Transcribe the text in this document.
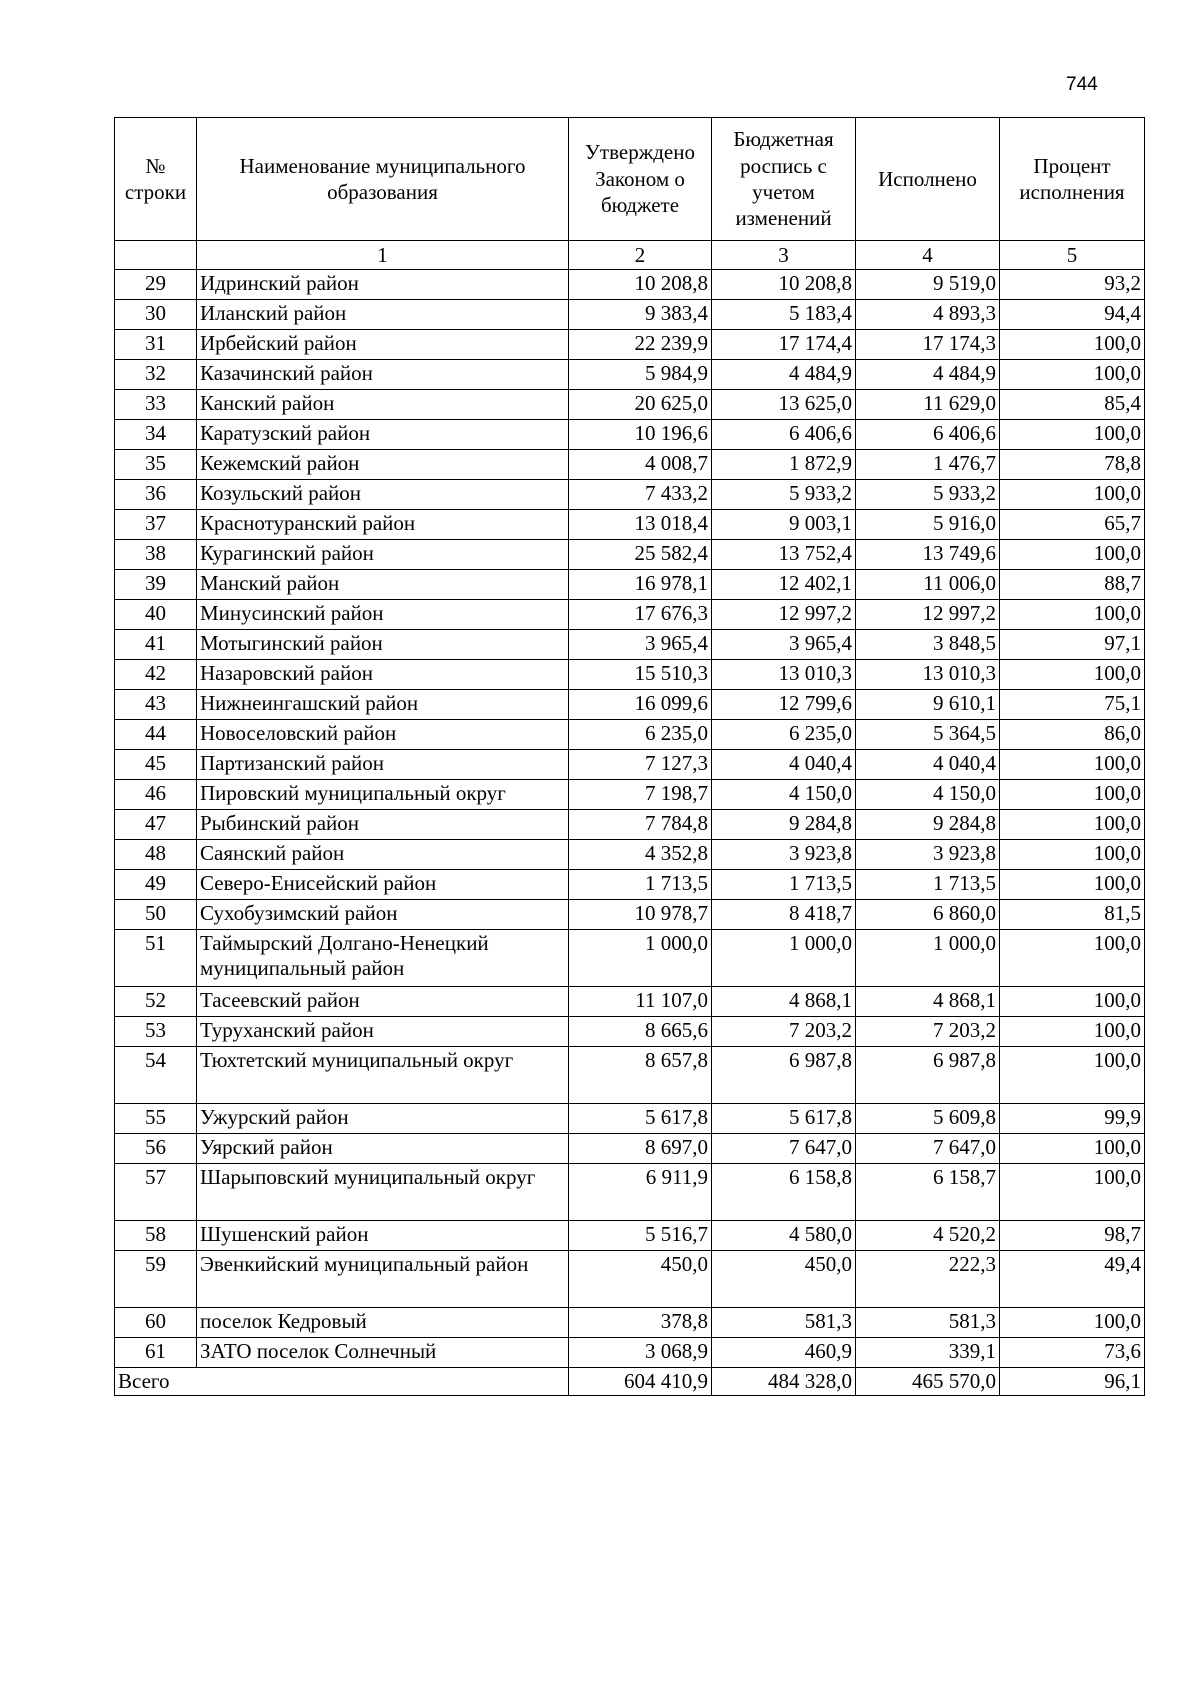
744
№ строки	Наименование муниципального образования	Утверждено Законом о бюджете	Бюджетная роспись с учетом изменений	Исполнено	Процент исполнения
	1	2	3	4	5
29	Идринский район	10 208,8	10 208,8	9 519,0	93,2
30	Иланский район	9 383,4	5 183,4	4 893,3	94,4
31	Ирбейский район	22 239,9	17 174,4	17 174,3	100,0
32	Казачинский район	5 984,9	4 484,9	4 484,9	100,0
33	Канский район	20 625,0	13 625,0	11 629,0	85,4
34	Каратузский район	10 196,6	6 406,6	6 406,6	100,0
35	Кежемский район	4 008,7	1 872,9	1 476,7	78,8
36	Козульский район	7 433,2	5 933,2	5 933,2	100,0
37	Краснотуранский район	13 018,4	9 003,1	5 916,0	65,7
38	Курагинский район	25 582,4	13 752,4	13 749,6	100,0
39	Манский район	16 978,1	12 402,1	11 006,0	88,7
40	Минусинский район	17 676,3	12 997,2	12 997,2	100,0
41	Мотыгинский район	3 965,4	3 965,4	3 848,5	97,1
42	Назаровский район	15 510,3	13 010,3	13 010,3	100,0
43	Нижнеингашский район	16 099,6	12 799,6	9 610,1	75,1
44	Новоселовский район	6 235,0	6 235,0	5 364,5	86,0
45	Партизанский район	7 127,3	4 040,4	4 040,4	100,0
46	Пировский муниципальный округ	7 198,7	4 150,0	4 150,0	100,0
47	Рыбинский район	7 784,8	9 284,8	9 284,8	100,0
48	Саянский район	4 352,8	3 923,8	3 923,8	100,0
49	Северо-Енисейский район	1 713,5	1 713,5	1 713,5	100,0
50	Сухобузимский район	10 978,7	8 418,7	6 860,0	81,5
51	Таймырский Долгано-Ненецкий муниципальный район	1 000,0	1 000,0	1 000,0	100,0
52	Тасеевский район	11 107,0	4 868,1	4 868,1	100,0
53	Туруханский район	8 665,6	7 203,2	7 203,2	100,0
54	Тюхтетский муниципальный округ	8 657,8	6 987,8	6 987,8	100,0
55	Ужурский район	5 617,8	5 617,8	5 609,8	99,9
56	Уярский район	8 697,0	7 647,0	7 647,0	100,0
57	Шарыповский муниципальный округ	6 911,9	6 158,8	6 158,7	100,0
58	Шушенский район	5 516,7	4 580,0	4 520,2	98,7
59	Эвенкийский муниципальный район	450,0	450,0	222,3	49,4
60	поселок Кедровый	378,8	581,3	581,3	100,0
61	ЗАТО поселок Солнечный	3 068,9	460,9	339,1	73,6
Всего		604 410,9	484 328,0	465 570,0	96,1
